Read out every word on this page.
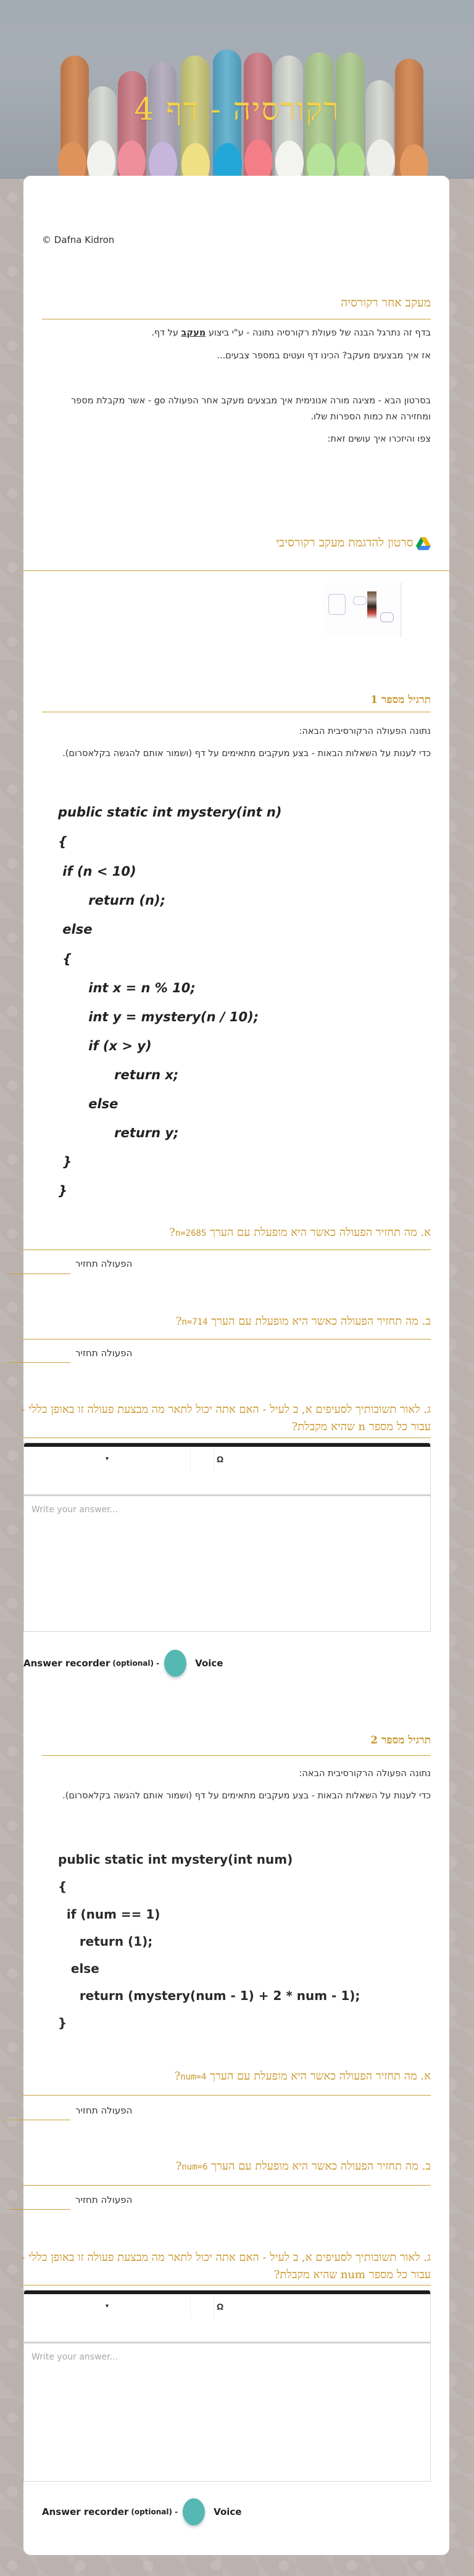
רקורסיה - דף 4
© Dafna Kidron
מעקב אחר רקורסיה
בדף זה נתרגל הבנה של פעולת רקורסיה נתונה - ע"י ביצוע מעקב על דף.
אז איך מבצעים מעקב? הכינו דף ועטים במספר צבעים...
בסרטון הבא - מציגה מורה אנונימית איך מבצעים מעקב אחר הפעולה go - אשר מקבלת מספר ומחזירה את כמות הספרות שלו.
צפו והיזכרו איך עושים זאת:
סרטון להדגמת מעקב רקורסיבי
תרגיל מספר 1
נתונה הפעולה הרקורסיבית הבאה:
כדי לענות על השאלות הבאות - בצע מעקבים מתאימים על דף (ושמור אותם להגשה בקלאסרום).
public static int mystery(int n)
{
if (n < 10)
return (n);
else
{
int x = n % 10;
int y = mystery(n / 10);
if (x > y)
return x;
else
return y;
}
}
א. מה תחזיר הפעולה כאשר היא מופעלת עם הערך n=2685?
הפעולה תחזיר
ב. מה תחזיר הפעולה כאשר היא מופעלת עם הערך n=714?
הפעולה תחזיר
ג. לאור תשובותיך לסעיפים א, ב לעיל - האם אתה יכול לתאר מה מבצעת פעולה זו באופן כללי - עבור כל מספר n שהיא מקבלת?
▾	Ω
Write your answer...
Answer recorder (optional) -	Voice
תרגיל מספר 2
נתונה הפעולה הרקורסיבית הבאה:
כדי לענות על השאלות הבאות - בצע מעקבים מתאימים על דף (ושמור אותם להגשה בקלאסרום).
public static int mystery(int num)
{
if (num == 1)
return (1);
else
return (mystery(num - 1) + 2 * num - 1);
}
א. מה תחזיר הפעולה כאשר היא מופעלת עם הערך num=4?
הפעולה תחזיר
ב. מה תחזיר הפעולה כאשר היא מופעלת עם הערך num=6?
הפעולה תחזיר
ג. לאור תשובותיך לסעיפים א, ב לעיל - האם אתה יכול לתאר מה מבצעת פעולה זו באופן כללי - עבור כל מספר num שהיא מקבלת?
▾	Ω
Write your answer...
Answer recorder (optional) -	Voice
